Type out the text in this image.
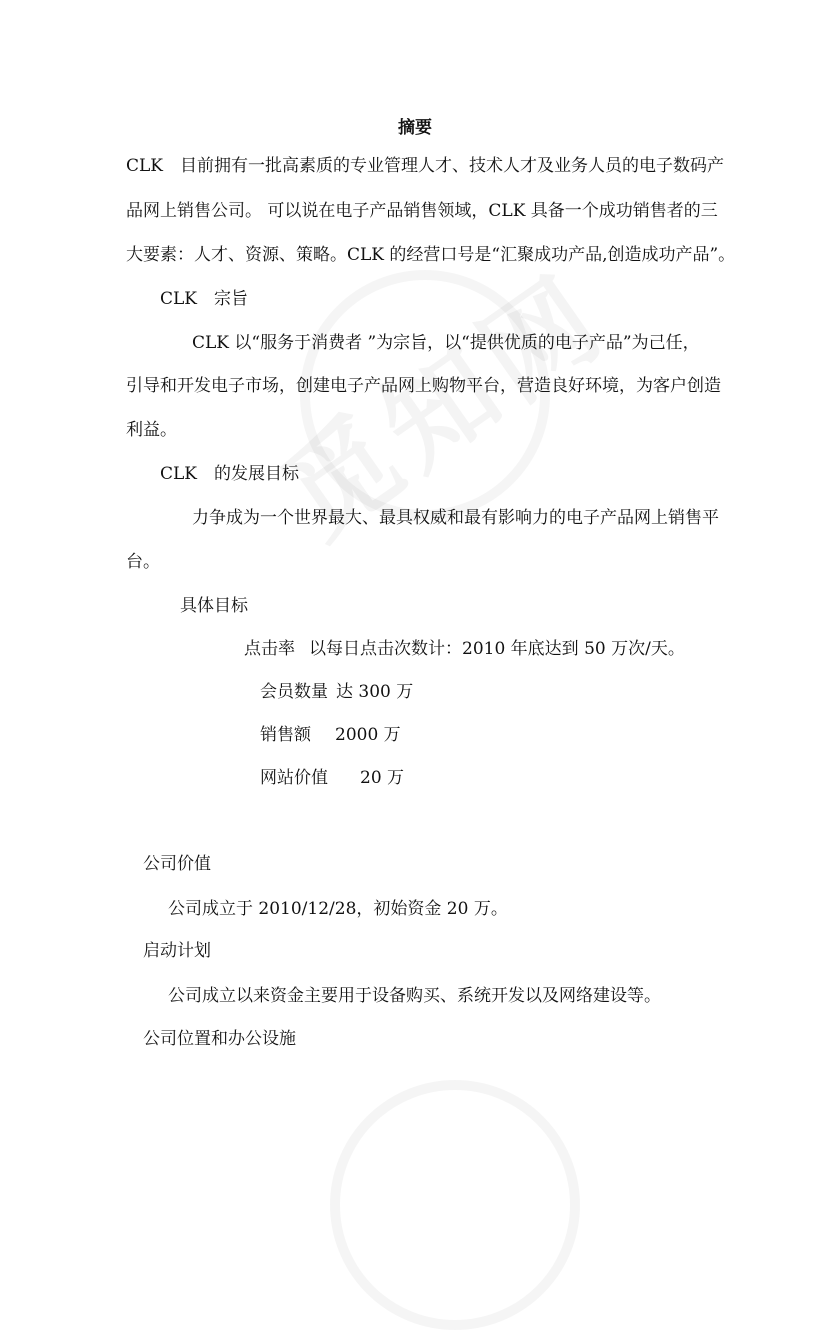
摘要
CLK　目前拥有一批高素质的专业管理人才、技术人才及业务人员的电子数码产
品网上销售公司。 可以说在电子产品销售领域，CLK 具备一个成功销售者的三
大要素：人才、资源、策略。CLK 的经营口号是“汇聚成功产品,创造成功产品”。
CLK　宗旨
CLK 以“服务于消费者 ”为宗旨，以“提供优质的电子产品”为己任，
引导和开发电子市场，创建电子产品网上购物平台，营造良好环境，为客户创造
利益。
CLK　的发展目标
力争成为一个世界最大、最具权威和最有影响力的电子产品网上销售平
台。
具体目标
点击率 以每日点击次数计：2010 年底达到 50 万次/天。
会员数量 达 300 万
销售额 2000 万
网站价值 20 万
公司价值
公司成立于 2010/12/28，初始资金 20 万。
启动计划
公司成立以来资金主要用于设备购买、系统开发以及网络建设等。
公司位置和办公设施
